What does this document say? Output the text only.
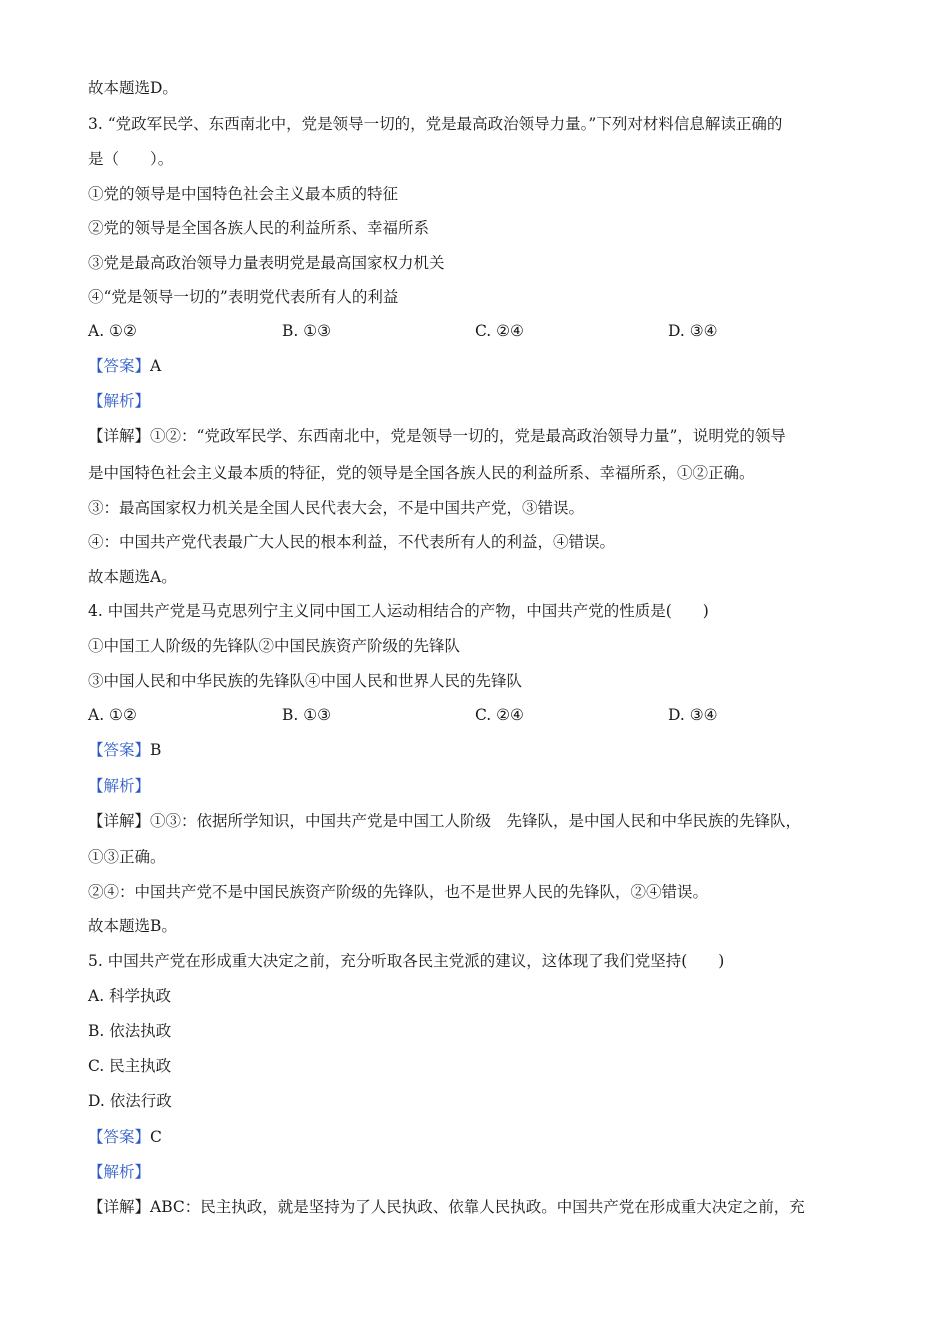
故本题选D。
3. “党政军民学、东西南北中，党是领导一切的，党是最高政治领导力量。”下列对材料信息解读正确的
是（　　）。
①党的领导是中国特色社会主义最本质的特征
②党的领导是全国各族人民的利益所系、幸福所系
③党是最高政治领导力量表明党是最高国家权力机关
④“党是领导一切的”表明党代表所有人的利益
A. ①②	B. ①③	C. ②④	D. ③④
【答案】A
【解析】
【详解】①②：“党政军民学、东西南北中，党是领导一切的，党是最高政治领导力量”，说明党的领导
是中国特色社会主义最本质的特征，党的领导是全国各族人民的利益所系、幸福所系，①②正确。
③：最高国家权力机关是全国人民代表大会，不是中国共产党，③错误。
④：中国共产党代表最广大人民的根本利益，不代表所有人的利益，④错误。
故本题选A。
4. 中国共产党是马克思列宁主义同中国工人运动相结合的产物，中国共产党的性质是(　　)
①中国工人阶级的先锋队②中国民族资产阶级的先锋队
③中国人民和中华民族的先锋队④中国人民和世界人民的先锋队
A. ①②	B. ①③	C. ②④	D. ③④
【答案】B
【解析】
【详解】①③：依据所学知识，中国共产党是中国工人阶级　先锋队，是中国人民和中华民族的先锋队，
①③正确。
②④：中国共产党不是中国民族资产阶级的先锋队，也不是世界人民的先锋队，②④错误。
故本题选B。
5. 中国共产党在形成重大决定之前，充分听取各民主党派的建议，这体现了我们党坚持(　　)
A. 科学执政
B. 依法执政
C. 民主执政
D. 依法行政
【答案】C
【解析】
【详解】ABC：民主执政，就是坚持为了人民执政、依靠人民执政。中国共产党在形成重大决定之前，充
